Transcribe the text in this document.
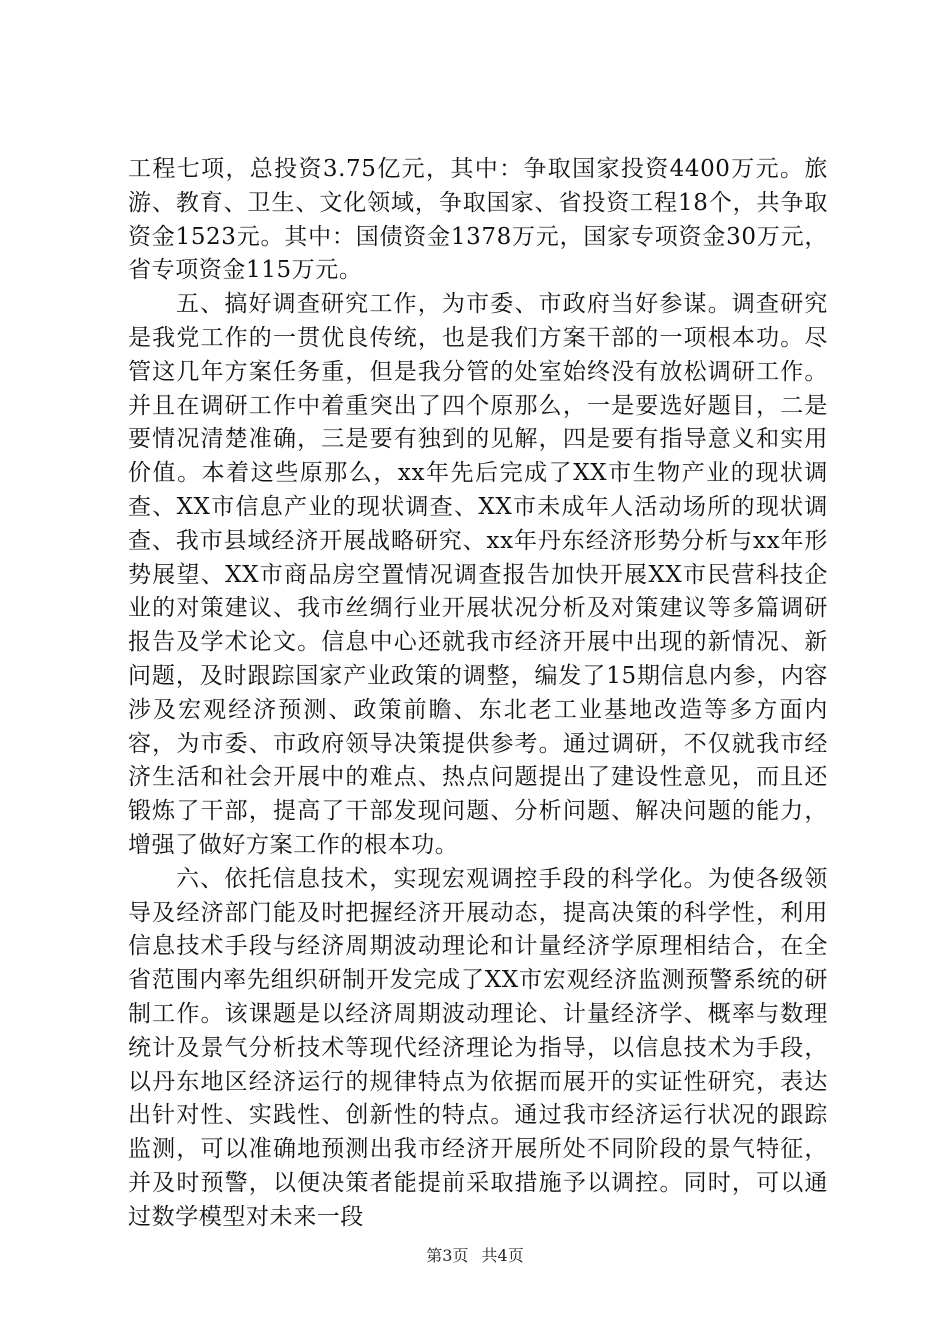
工程七项，总投资3.75亿元，其中：争取国家投资4400万元。旅游、教育、卫生、文化领域，争取国家、省投资工程18个，共争取资金1523元。其中：国债资金1378万元，国家专项资金30万元，省专项资金115万元。

五、搞好调查研究工作，为市委、市政府当好参谋。调查研究是我党工作的一贯优良传统，也是我们方案干部的一项根本功。尽管这几年方案任务重，但是我分管的处室始终没有放松调研工作。并且在调研工作中着重突出了四个原那么，一是要选好题目，二是要情况清楚准确，三是要有独到的见解，四是要有指导意义和实用价值。本着这些原那么，xx年先后完成了XX市生物产业的现状调查、XX市信息产业的现状调查、XX市未成年人活动场所的现状调查、我市县域经济开展战略研究、xx年丹东经济形势分析与xx年形势展望、XX市商品房空置情况调查报告加快开展XX市民营科技企业的对策建议、我市丝绸行业开展状况分析及对策建议等多篇调研报告及学术论文。信息中心还就我市经济开展中出现的新情况、新问题，及时跟踪国家产业政策的调整，编发了15期信息内参，内容涉及宏观经济预测、政策前瞻、东北老工业基地改造等多方面内容，为市委、市政府领导决策提供参考。通过调研，不仅就我市经济生活和社会开展中的难点、热点问题提出了建设性意见，而且还锻炼了干部，提高了干部发现问题、分析问题、解决问题的能力，增强了做好方案工作的根本功。

六、依托信息技术，实现宏观调控手段的科学化。为使各级领导及经济部门能及时把握经济开展动态，提高决策的科学性，利用信息技术手段与经济周期波动理论和计量经济学原理相结合，在全省范围内率先组织研制开发完成了XX市宏观经济监测预警系统的研制工作。该课题是以经济周期波动理论、计量经济学、概率与数理统计及景气分析技术等现代经济理论为指导，以信息技术为手段，以丹东地区经济运行的规律特点为依据而展开的实证性研究，表达出针对性、实践性、创新性的特点。通过我市经济运行状况的跟踪监测，可以准确地预测出我市经济开展所处不同阶段的景气特征，并及时预警，以便决策者能提前采取措施予以调控。同时，可以通过数学模型对未来一段

第3页 共4页
